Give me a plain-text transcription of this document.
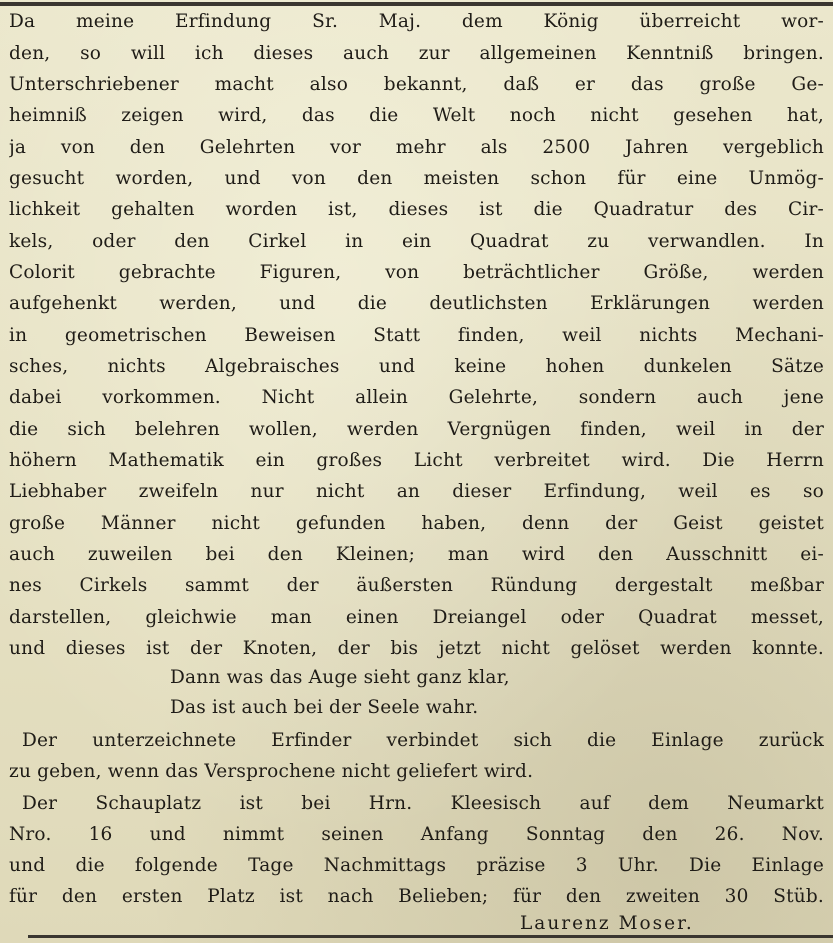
Da meine Erfindung Sr. Maj. dem König überreicht wor-
den, so will ich dieses auch zur allgemeinen Kenntniß bringen.
Unterschriebener macht also bekannt, daß er das große Ge-
heimniß zeigen wird, das die Welt noch nicht gesehen hat,
ja von den Gelehrten vor mehr als 2500 Jahren vergeblich
gesucht worden, und von den meisten schon für eine Unmög-
lichkeit gehalten worden ist, dieses ist die Quadratur des Cir-
kels, oder den Cirkel in ein Quadrat zu verwandlen. In
Colorit gebrachte Figuren, von beträchtlicher Größe, werden
aufgehenkt werden, und die deutlichsten Erklärungen werden
in geometrischen Beweisen Statt finden, weil nichts Mechani-
sches, nichts Algebraisches und keine hohen dunkelen Sätze
dabei vorkommen. Nicht allein Gelehrte, sondern auch jene
die sich belehren wollen, werden Vergnügen finden, weil in der
höhern Mathematik ein großes Licht verbreitet wird. Die Herrn
Liebhaber zweifeln nur nicht an dieser Erfindung, weil es so
große Männer nicht gefunden haben, denn der Geist geistet
auch zuweilen bei den Kleinen; man wird den Ausschnitt ei-
nes Cirkels sammt der äußersten Ründung dergestalt meßbar
darstellen, gleichwie man einen Dreiangel oder Quadrat messet,
und dieses ist der Knoten, der bis jetzt nicht gelöset werden konnte.
Dann was das Auge sieht ganz klar,
Das ist auch bei der Seele wahr.
Der unterzeichnete Erfinder verbindet sich die Einlage zurück
zu geben, wenn das Versprochene nicht geliefert wird.
Der Schauplatz ist bei Hrn. Kleesisch auf dem Neumarkt
Nro. 16 und nimmt seinen Anfang Sonntag den 26. Nov.
und die folgende Tage Nachmittags präzise 3 Uhr. Die Einlage
für den ersten Platz ist nach Belieben; für den zweiten 30 Stüb.
Laurenz Moser.
